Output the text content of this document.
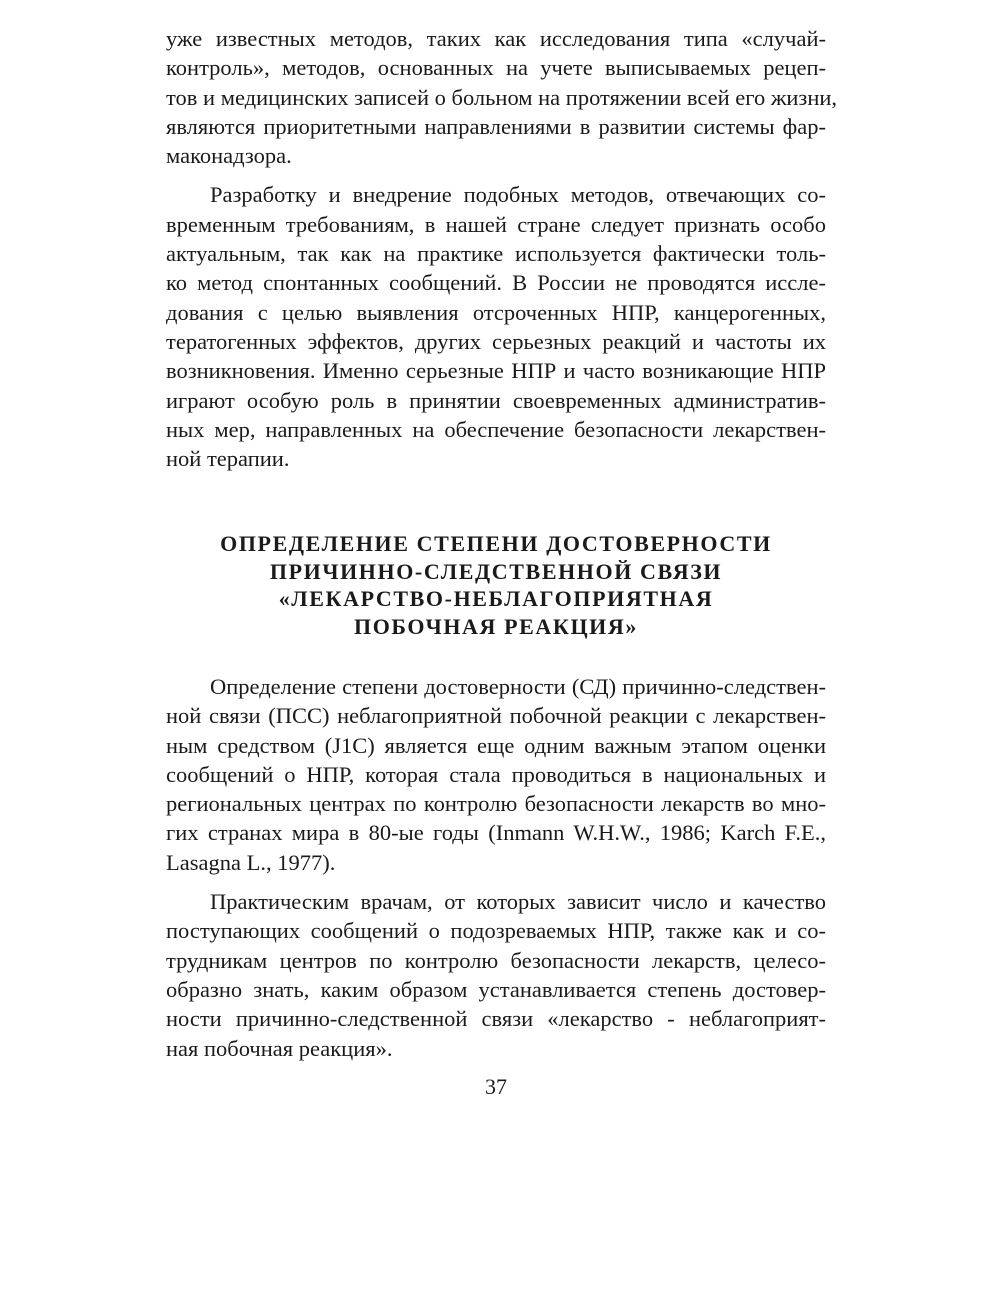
уже известных методов, таких как исследования типа «случай-
контроль», методов, основанных на учете выписываемых рецеп-
тов и медицинских записей о больном на протяжении всей его жизни,
являются приоритетными направлениями в развитии системы фар-
маконадзора.
Разработку и внедрение подобных методов, отвечающих со-
временным требованиям, в нашей стране следует признать особо
актуальным, так как на практике используется фактически толь-
ко метод спонтанных сообщений. В России не проводятся иссле-
дования с целью выявления отсроченных НПР, канцерогенных,
тератогенных эффектов, других серьезных реакций и частоты их
возникновения. Именно серьезные НПР и часто возникающие НПР
играют особую роль в принятии своевременных административ-
ных мер, направленных на обеспечение безопасности лекарствен-
ной терапии.
ОПРЕДЕЛЕНИЕ СТЕПЕНИ ДОСТОВЕРНОСТИ
ПРИЧИННО-СЛЕДСТВЕННОЙ СВЯЗИ
«ЛЕКАРСТВО-НЕБЛАГОПРИЯТНАЯ
ПОБОЧНАЯ РЕАКЦИЯ»
Определение степени достоверности (СД) причинно-следствен-
ной связи (ПСС) неблагоприятной побочной реакции с лекарствен-
ным средством (J1C) является еще одним важным этапом оценки
сообщений о НПР, которая стала проводиться в национальных и
региональных центрах по контролю безопасности лекарств во мно-
гих странах мира в 80-ые годы (Inmann W.H.W., 1986; Karch F.E.,
Lasagna L., 1977).
Практическим врачам, от которых зависит число и качество
поступающих сообщений о подозреваемых НПР, также как и со-
трудникам центров по контролю безопасности лекарств, целесо-
образно знать, каким образом устанавливается степень достовер-
ности причинно-следственной связи «лекарство - неблагоприят-
ная побочная реакция».
37
